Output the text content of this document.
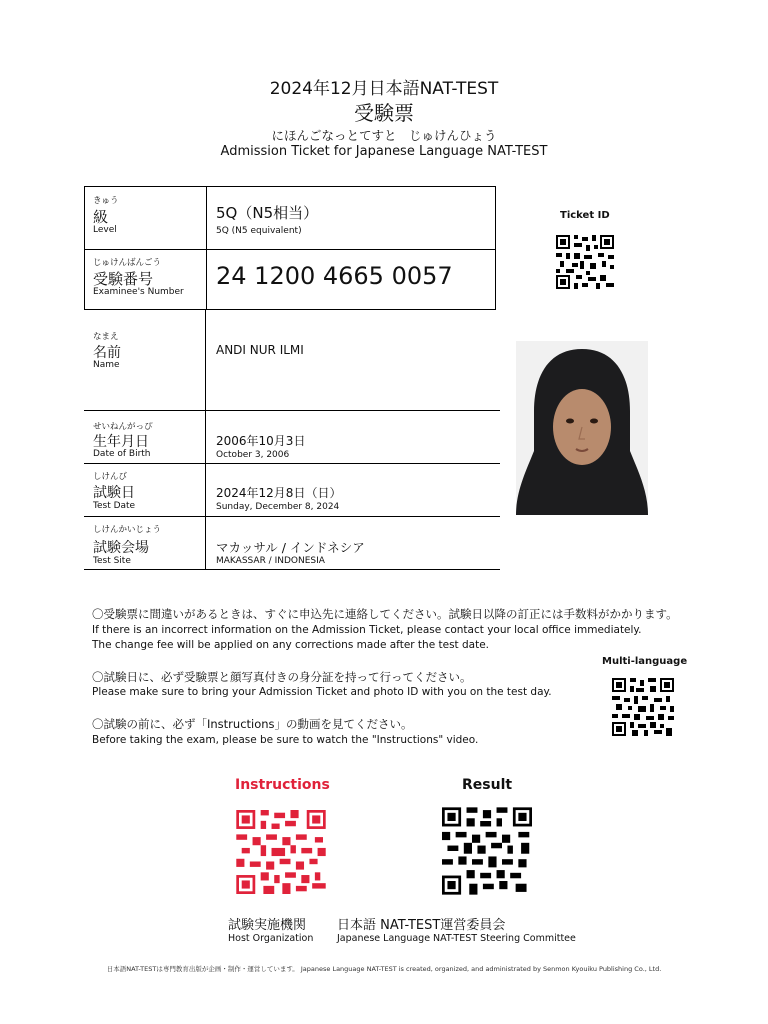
2024年12月日本語NAT-TEST
受験票
にほんごなっとてすと　じゅけんひょう
Admission Ticket for Japanese Language NAT-TEST
きゅう
級
Level
5Q（N5相当）
5Q (N5 equivalent)
じゅけんばんごう
受験番号
Examinee's Number
24 1200 4665 0057
Ticket ID
なまえ
名前
Name
ANDI NUR ILMI
せいねんがっぴ
生年月日
Date of Birth
2006年10月3日
October 3, 2006
しけんび
試験日
Test Date
2024年12月8日（日）
Sunday, December 8, 2024
しけんかいじょう
試験会場
Test Site
マカッサル / インドネシア
MAKASSAR / INDONESIA
〇受験票に間違いがあるときは、すぐに申込先に連絡してください。試験日以降の訂正には手数料がかかります。
If there is an incorrect information on the Admission Ticket, please contact your local office immediately.
The change fee will be applied on any corrections made after the test date.
〇試験日に、必ず受験票と顔写真付きの身分証を持って行ってください。
Please make sure to bring your Admission Ticket and photo ID with you on the test day.
〇試験の前に、必ず「Instructions」の動画を見てください。
Before taking the exam, please be sure to watch the "Instructions" video.
Multi-language
Instructions	Result
試験実施機関
Host Organization
日本語 NAT-TEST運営委員会
Japanese Language NAT-TEST Steering Committee
日本語NAT-TESTは専門教育出版が企画・制作・運営しています。 Japanese Language NAT-TEST is created, organized, and administrated by Senmon Kyouiku Publishing Co., Ltd.
